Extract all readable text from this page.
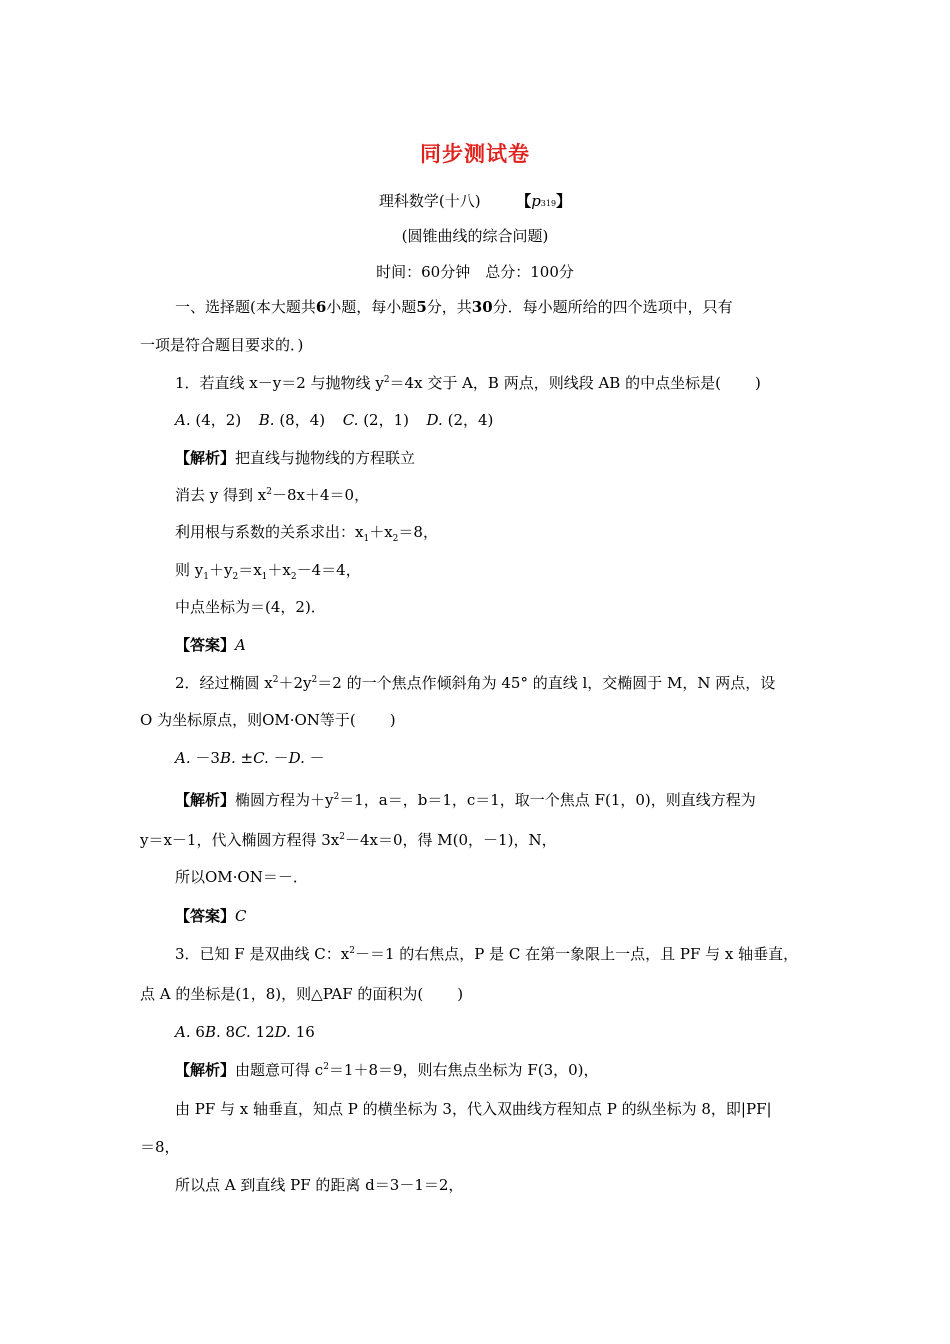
同步测试卷
理科数学(十八) 【p319】
(圆锥曲线的综合问题)
时间：60分钟　总分：100分
一、选择题(本大题共6小题，每小题5分，共30分．每小题所给的四个选项中，只有
一项是符合题目要求的．)
1．若直线 x－y＝2 与抛物线 $y^2=4x$ 交于 A，B 两点，则线段 AB 的中点坐标是( )
A. (4，2) B. (8，4) C. (2，1) D. (2，4)
【解析】把直线与抛物线的方程联立
消去 y 得到 $x^2-8x+4=0$，
利用根与系数的关系求出：$x_1+x_2=8$，
则 $y_1+y_2=x_1+x_2-4=4$，
中点坐标为＝(4，2)．
【答案】A
2．经过椭圆 $x^2+2y^2=2$ 的一个焦点作倾斜角为 45° 的直线 l，交椭圆于 M，N 两点，设
O 为坐标原点，则OM·ON等于( )
A. －3B. ±C. －D. －
【解析】椭圆方程为$+y^2=1$，a＝，b＝1，c＝1，取一个焦点 F(1，0)，则直线方程为
y＝x－1，代入椭圆方程得 $3x^2-4x=0$，得 M(0，－1)，N，
所以OM·ON＝－．
【答案】C
3．已知 F 是双曲线 C：$x^2-=1$ 的右焦点，P 是 C 在第一象限上一点，且 PF 与 x 轴垂直，
点 A 的坐标是(1，8)，则△PAF 的面积为( )
A. 6B. 8C. 12D. 16
【解析】由题意可得 $c^2=1+8=9$，则右焦点坐标为 F(3，0)，
由 PF 与 x 轴垂直，知点 P 的横坐标为 3，代入双曲线方程知点 P 的纵坐标为 8，即|PF|
＝8，
所以点 A 到直线 PF 的距离 d＝3－1＝2，
